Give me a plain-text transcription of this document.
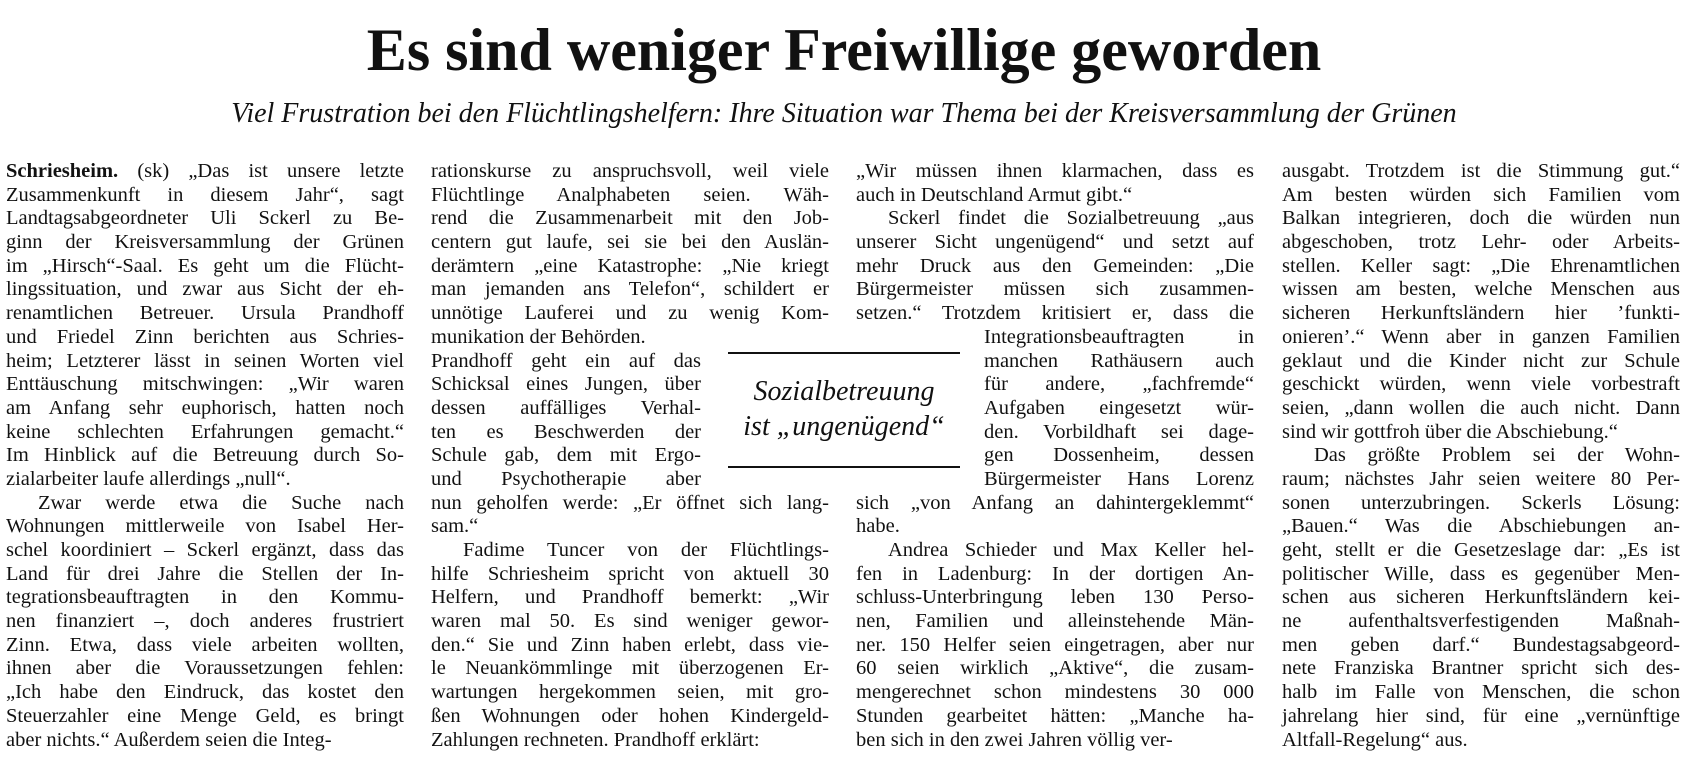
Es sind weniger Freiwillige geworden
Viel Frustration bei den Flüchtlingshelfern: Ihre Situation war Thema bei der Kreisversammlung der Grünen
Sozialbetreuung
ist „ungenügend“
Schriesheim. (sk) „Das ist unsere letzte
Zusammenkunft in diesem Jahr“, sagt
Landtagsabgeordneter Uli Sckerl zu Be-
ginn der Kreisversammlung der Grünen
im „Hirsch“-Saal. Es geht um die Flücht-
lingssituation, und zwar aus Sicht der eh-
renamtlichen Betreuer. Ursula Prandhoff
und Friedel Zinn berichten aus Schries-
heim; Letzterer lässt in seinen Worten viel
Enttäuschung mitschwingen: „Wir waren
am Anfang sehr euphorisch, hatten noch
keine schlechten Erfahrungen gemacht.“
Im Hinblick auf die Betreuung durch So-
zialarbeiter laufe allerdings „null“.
Zwar werde etwa die Suche nach
Wohnungen mittlerweile von Isabel Her-
schel koordiniert – Sckerl ergänzt, dass das
Land für drei Jahre die Stellen der In-
tegrationsbeauftragten in den Kommu-
nen finanziert –, doch anderes frustriert
Zinn. Etwa, dass viele arbeiten wollten,
ihnen aber die Voraussetzungen fehlen:
„Ich habe den Eindruck, das kostet den
Steuerzahler eine Menge Geld, es bringt
aber nichts.“ Außerdem seien die Integ-
rationskurse zu anspruchsvoll, weil viele
Flüchtlinge Analphabeten seien. Wäh-
rend die Zusammenarbeit mit den Job-
centern gut laufe, sei sie bei den Auslän-
derämtern „eine Katastrophe: „Nie kriegt
man jemanden ans Telefon“, schildert er
unnötige Lauferei und zu wenig Kom-
munikation der Behörden.
Prandhoff geht ein auf das
Schicksal eines Jungen, über
dessen auffälliges Verhal-
ten es Beschwerden der
Schule gab, dem mit Ergo-
und Psychotherapie aber
nun geholfen werde: „Er öffnet sich lang-
sam.“
Fadime Tuncer von der Flüchtlings-
hilfe Schriesheim spricht von aktuell 30
Helfern, und Prandhoff bemerkt: „Wir
waren mal 50. Es sind weniger gewor-
den.“ Sie und Zinn haben erlebt, dass vie-
le Neuankömmlinge mit überzogenen Er-
wartungen hergekommen seien, mit gro-
ßen Wohnungen oder hohen Kindergeld-
Zahlungen rechneten. Prandhoff erklärt:
„Wir müssen ihnen klarmachen, dass es
auch in Deutschland Armut gibt.“
Sckerl findet die Sozialbetreuung „aus
unserer Sicht ungenügend“ und setzt auf
mehr Druck aus den Gemeinden: „Die
Bürgermeister müssen sich zusammen-
setzen.“ Trotzdem kritisiert er, dass die
Integrationsbeauftragten in
manchen Rathäusern auch
für andere, „fachfremde“
Aufgaben eingesetzt wür-
den. Vorbildhaft sei dage-
gen Dossenheim, dessen
Bürgermeister Hans Lorenz
sich „von Anfang an dahintergeklemmt“
habe.
Andrea Schieder und Max Keller hel-
fen in Ladenburg: In der dortigen An-
schluss-Unterbringung leben 130 Perso-
nen, Familien und alleinstehende Män-
ner. 150 Helfer seien eingetragen, aber nur
60 seien wirklich „Aktive“, die zusam-
mengerechnet schon mindestens 30 000
Stunden gearbeitet hätten: „Manche ha-
ben sich in den zwei Jahren völlig ver-
ausgabt. Trotzdem ist die Stimmung gut.“
Am besten würden sich Familien vom
Balkan integrieren, doch die würden nun
abgeschoben, trotz Lehr- oder Arbeits-
stellen. Keller sagt: „Die Ehrenamtlichen
wissen am besten, welche Menschen aus
sicheren Herkunftsländern hier ’funkti-
onieren’.“ Wenn aber in ganzen Familien
geklaut und die Kinder nicht zur Schule
geschickt würden, wenn viele vorbestraft
seien, „dann wollen die auch nicht. Dann
sind wir gottfroh über die Abschiebung.“
Das größte Problem sei der Wohn-
raum; nächstes Jahr seien weitere 80 Per-
sonen unterzubringen. Sckerls Lösung:
„Bauen.“ Was die Abschiebungen an-
geht, stellt er die Gesetzeslage dar: „Es ist
politischer Wille, dass es gegenüber Men-
schen aus sicheren Herkunftsländern kei-
ne aufenthaltsverfestigenden Maßnah-
men geben darf.“ Bundestagsabgeord-
nete Franziska Brantner spricht sich des-
halb im Falle von Menschen, die schon
jahrelang hier sind, für eine „vernünftige
Altfall-Regelung“ aus.
